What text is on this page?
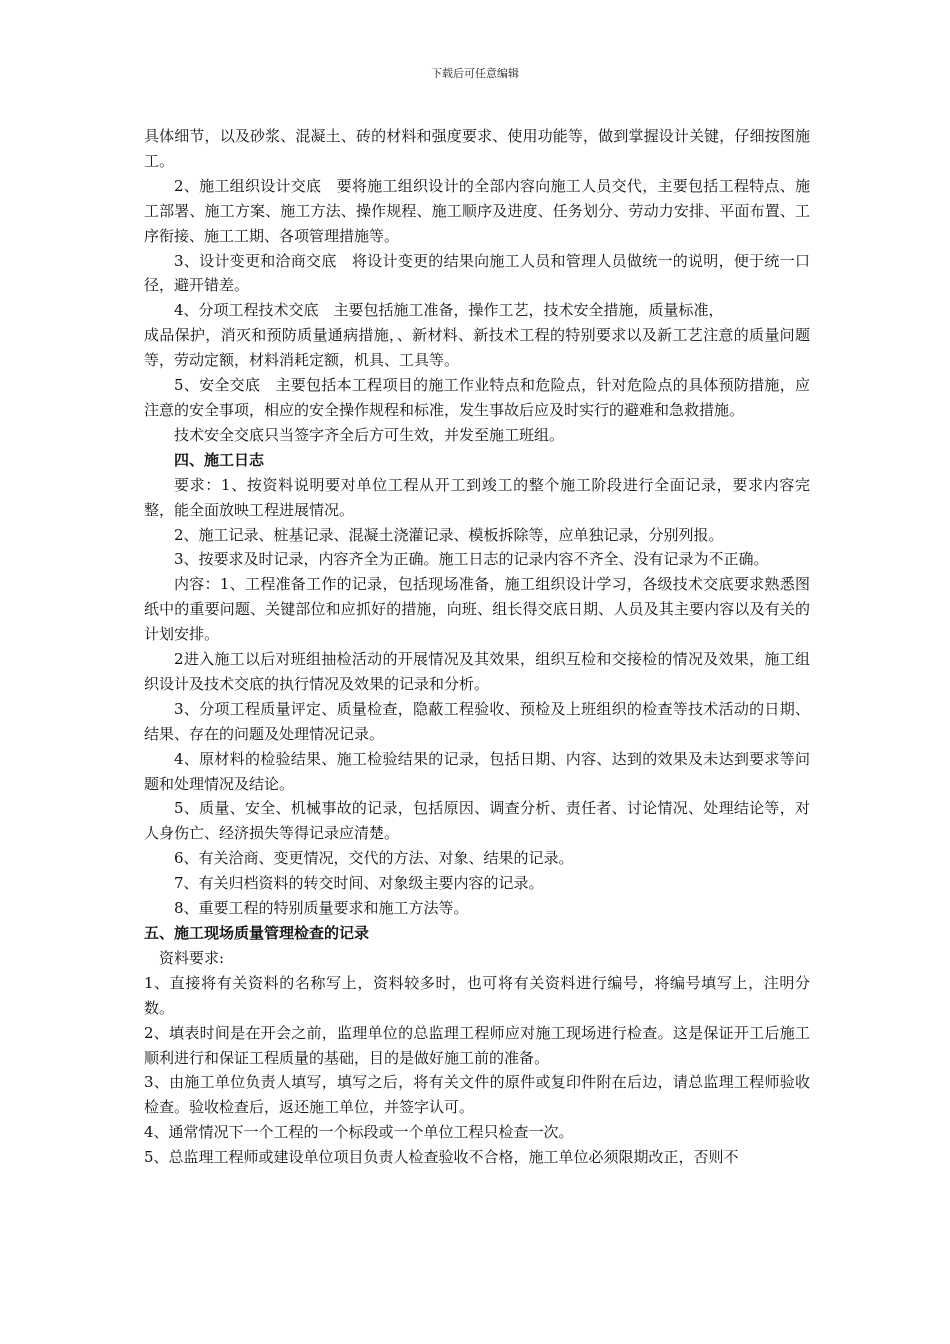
下载后可任意编辑

具体细节，以及砂浆、混凝土、砖的材料和强度要求、使用功能等，做到掌握设计关键，仔细按图施工。

2、施工组织设计交底　要将施工组织设计的全部内容向施工人员交代，主要包括工程特点、施工部署、施工方案、施工方法、操作规程、施工顺序及进度、任务划分、劳动力安排、平面布置、工序衔接、施工工期、各项管理措施等。

3、设计变更和洽商交底　将设计变更的结果向施工人员和管理人员做统一的说明，便于统一口径，避开错差。

4、分项工程技术交底　主要包括施工准备，操作工艺，技术安全措施，质量标准，

成品保护，消灭和预防质量通病措施，、新材料、新技术工程的特别要求以及新工艺注意的质量问题等，劳动定额，材料消耗定额，机具、工具等。

5、安全交底　主要包括本工程项目的施工作业特点和危险点，针对危险点的具体预防措施，应注意的安全事项，相应的安全操作规程和标准，发生事故后应及时实行的避难和急救措施。

技术安全交底只当签字齐全后方可生效，并发至施工班组。

四、施工日志

要求：1、按资料说明要对单位工程从开工到竣工的整个施工阶段进行全面记录，要求内容完整，能全面放映工程进展情况。

2、施工记录、桩基记录、混凝土浇灌记录、模板拆除等，应单独记录，分别列报。

3、按要求及时记录，内容齐全为正确。施工日志的记录内容不齐全、没有记录为不正确。

内容：1、工程准备工作的记录，包括现场准备，施工组织设计学习，各级技术交底要求熟悉图纸中的重要问题、关键部位和应抓好的措施，向班、组长得交底日期、人员及其主要内容以及有关的计划安排。

2进入施工以后对班组抽检活动的开展情况及其效果，组织互检和交接检的情况及效果，施工组织设计及技术交底的执行情况及效果的记录和分析。

3、分项工程质量评定、质量检查，隐蔽工程验收、预检及上班组织的检查等技术活动的日期、结果、存在的问题及处理情况记录。

4、原材料的检验结果、施工检验结果的记录，包括日期、内容、达到的效果及未达到要求等问题和处理情况及结论。

5、质量、安全、机械事故的记录，包括原因、调查分析、责任者、讨论情况、处理结论等，对人身伤亡、经济损失等得记录应清楚。

6、有关洽商、变更情况，交代的方法、对象、结果的记录。

7、有关归档资料的转交时间、对象级主要内容的记录。

8、重要工程的特别质量要求和施工方法等。

五、施工现场质量管理检查的记录

资料要求:

1、直接将有关资料的名称写上，资料较多时，也可将有关资料进行编号，将编号填写上，注明分数。

2、填表时间是在开会之前，监理单位的总监理工程师应对施工现场进行检查。这是保证开工后施工顺利进行和保证工程质量的基础，目的是做好施工前的准备。

3、由施工单位负责人填写，填写之后，将有关文件的原件或复印件附在后边，请总监理工程师验收检查。验收检查后，返还施工单位，并签字认可。

4、通常情况下一个工程的一个标段或一个单位工程只检查一次。

5、总监理工程师或建设单位项目负责人检查验收不合格，施工单位必须限期改正，否则不
